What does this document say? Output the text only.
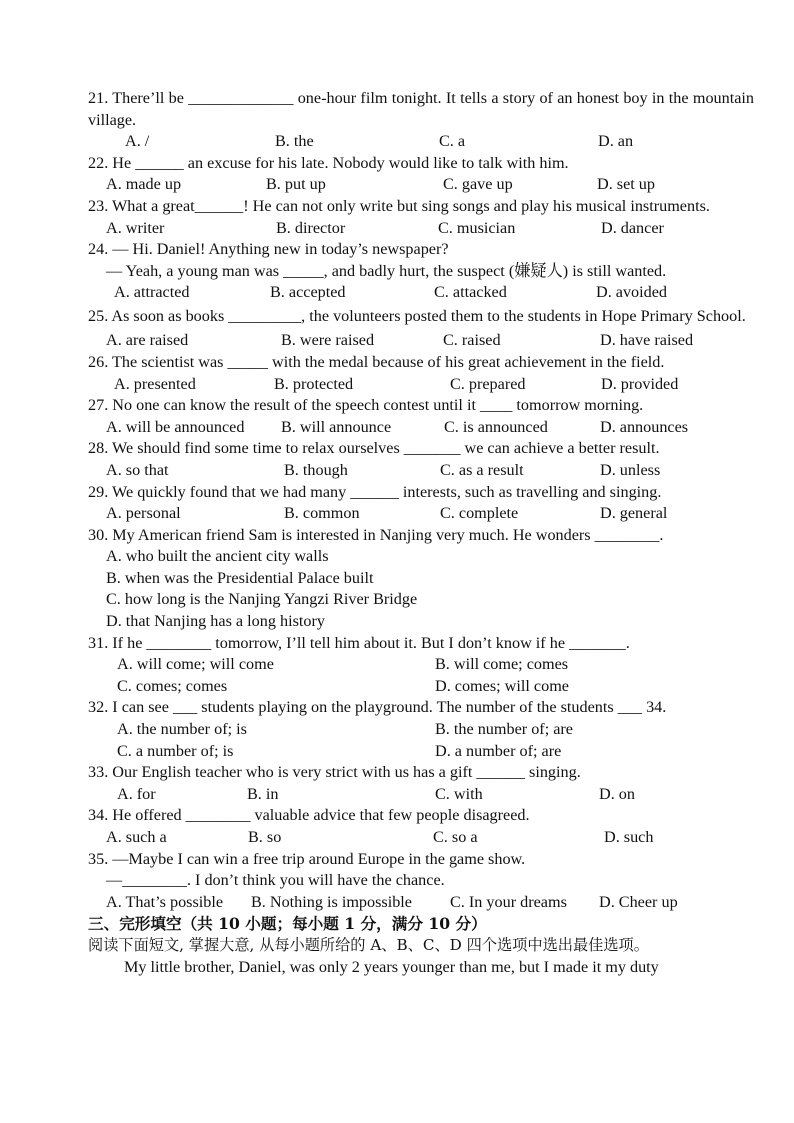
21. There’ll be _____________ one-hour film tonight. It tells a story of an honest boy in the mountain village.

A. /	B. the	C. a	D. an

22. He ______ an excuse for his late. Nobody would like to talk with him.

A. made up	B. put up	C. gave up	D. set up

23. What a great______! He can not only write but sing songs and play his musical instruments.

A. writer	B. director	C. musician	D. dancer

24. — Hi. Daniel! Anything new in today’s newspaper?

— Yeah, a young man was _____, and badly hurt, the suspect (嫌疑人) is still wanted.

A. attracted	B. accepted	C. attacked	D. avoided

25. As soon as books _________, the volunteers posted them to the students in Hope Primary School.

A. are raised	B. were raised	C. raised	D. have raised

26. The scientist was _____ with the medal because of his great achievement in the field.

A. presented	B. protected	C. prepared	D. provided

27. No one can know the result of the speech contest until it ____ tomorrow morning.

A. will be announced	B. will announce	C. is announced	D. announces

28. We should find some time to relax ourselves _______ we can achieve a better result.

A. so that	B. though	C. as a result	D. unless

29. We quickly found that we had many ______ interests, such as travelling and singing.

A. personal	B. common	C. complete	D. general

30. My American friend Sam is interested in Nanjing very much. He wonders ________.

A. who built the ancient city walls

B. when was the Presidential Palace built

C. how long is the Nanjing Yangzi River Bridge

D. that Nanjing has a long history

31. If he ________ tomorrow, I’ll tell him about it. But I don’t know if he _______.

A. will come; will come	B. will come; comes
C. comes; comes	D. comes; will come

32. I can see ___ students playing on the playground. The number of the students ___ 34.

A. the number of; is	B. the number of; are
C. a number of; is	D. a number of; are

33. Our English teacher who is very strict with us has a gift ______ singing.

A. for	B. in	C. with	D. on

34. He offered ________ valuable advice that few people disagreed.

A. such a	B. so	C. so a	D. such

35. —Maybe I can win a free trip around Europe in the game show.

—________. I don’t think you will have the chance.

A. That’s possible	B. Nothing is impossible	C. In your dreams	D. Cheer up

三、完形填空（共 10 小题；每小题 1 分，满分 10 分）

阅读下面短文, 掌握大意, 从每小题所给的 A、B、C、D 四个选项中选出最佳选项。

My little brother, Daniel, was only 2 years younger than me, but I made it my duty
